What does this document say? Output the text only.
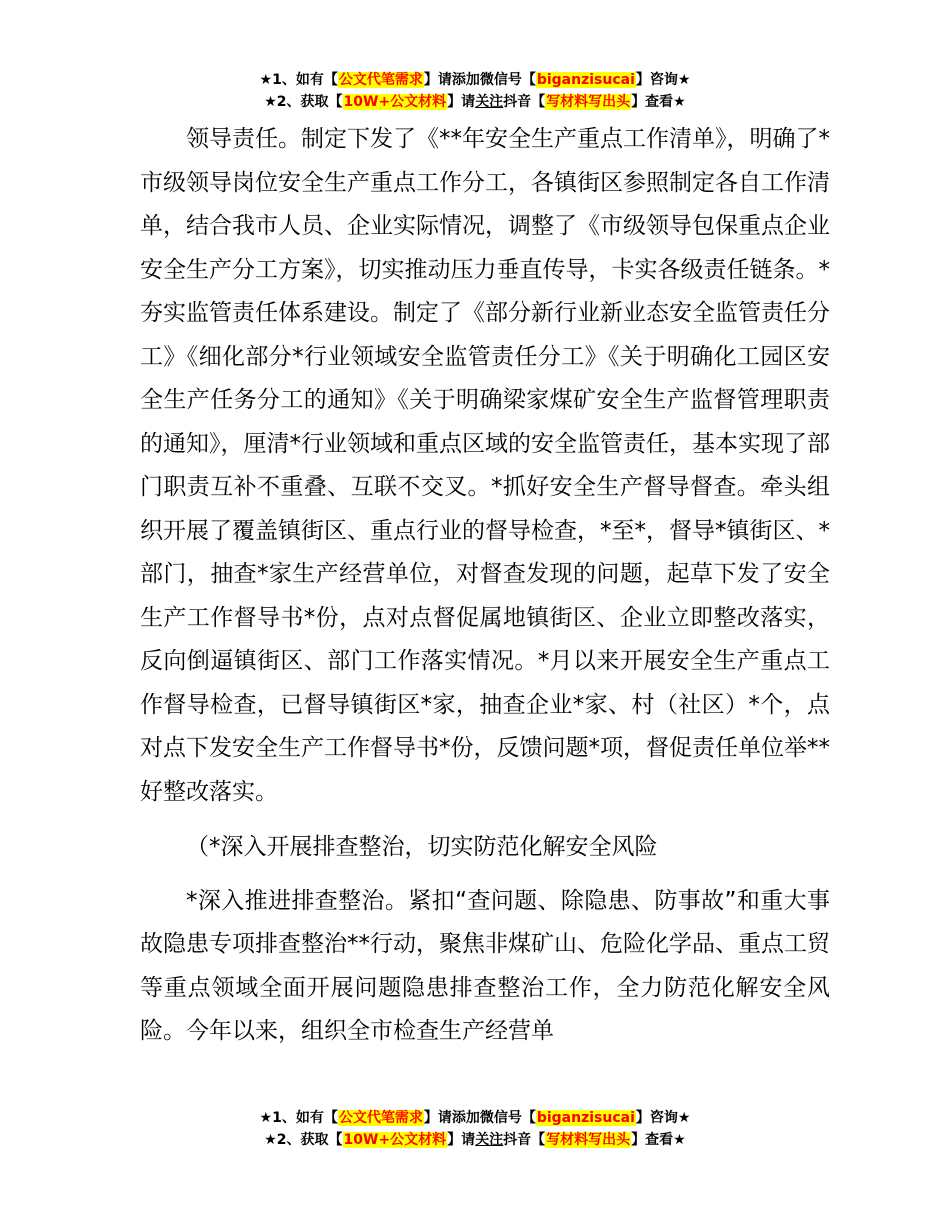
★1、如有【公文代笔需求】请添加微信号【biganzisucai】咨询★
★2、获取【10W+公文材料】请关注抖音【写材料写出头】查看★

领导责任。制定下发了《**年安全生产重点工作清单》，明确了*市级领导岗位安全生产重点工作分工，各镇街区参照制定各自工作清单，结合我市人员、企业实际情况，调整了《市级领导包保重点企业安全生产分工方案》，切实推动压力垂直传导，卡实各级责任链条。*夯实监管责任体系建设。制定了《部分新行业新业态安全监管责任分工》《细化部分*行业领域安全监管责任分工》《关于明确化工园区安全生产任务分工的通知》《关于明确梁家煤矿安全生产监督管理职责的通知》，厘清*行业领域和重点区域的安全监管责任，基本实现了部门职责互补不重叠、互联不交叉。*抓好安全生产督导督查。牵头组织开展了覆盖镇街区、重点行业的督导检查，*至*，督导*镇街区、*部门，抽查*家生产经营单位，对督查发现的问题，起草下发了安全生产工作督导书*份，点对点督促属地镇街区、企业立即整改落实，反向倒逼镇街区、部门工作落实情况。*月以来开展安全生产重点工作督导检查，已督导镇街区*家，抽查企业*家、村（社区）*个，点对点下发安全生产工作督导书*份，反馈问题*项，督促责任单位举**好整改落实。

（*深入开展排查整治，切实防范化解安全风险

*深入推进排查整治。紧扣“查问题、除隐患、防事故”和重大事故隐患专项排查整治**行动，聚焦非煤矿山、危险化学品、重点工贸等重点领域全面开展问题隐患排查整治工作，全力防范化解安全风险。今年以来，组织全市检查生产经营单

★1、如有【公文代笔需求】请添加微信号【biganzisucai】咨询★
★2、获取【10W+公文材料】请关注抖音【写材料写出头】查看★
